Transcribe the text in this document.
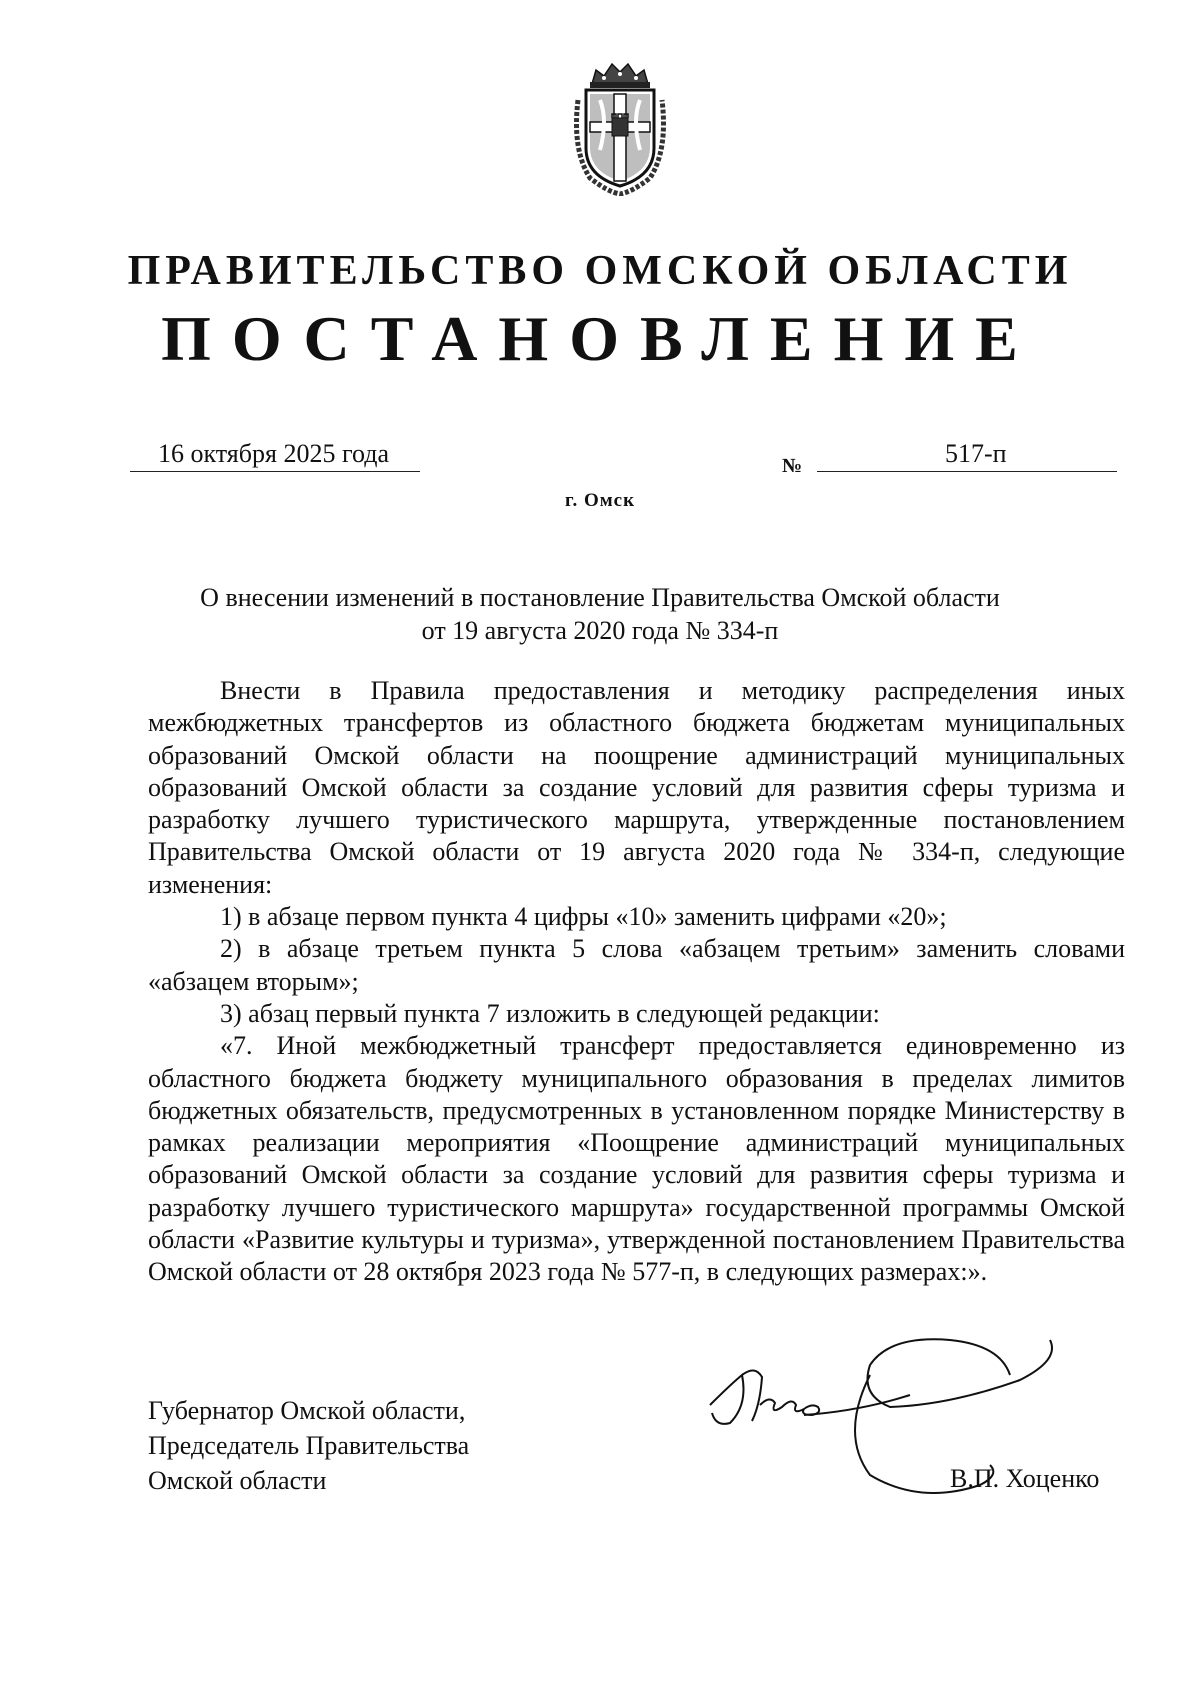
ПРАВИТЕЛЬСТВО ОМСКОЙ ОБЛАСТИ
ПОСТАНОВЛЕНИЕ
16 октября 2025 года	№	517-п
г. Омск
О внесении изменений в постановление Правительства Омской области
от 19 августа 2020 года № 334-п

Внести в Правила предоставления и методику распределения иных межбюджетных трансфертов из областного бюджета бюджетам муниципальных образований Омской области на поощрение администраций муниципальных образований Омской области за создание условий для развития сферы туризма и разработку лучшего туристического маршрута, утвержденные постановлением Правительства Омской области от 19 августа 2020 года № 334-п, следующие изменения:

1) в абзаце первом пункта 4 цифры «10» заменить цифрами «20»;

2) в абзаце третьем пункта 5 слова «абзацем третьим» заменить словами «абзацем вторым»;

3) абзац первый пункта 7 изложить в следующей редакции:

«7. Иной межбюджетный трансферт предоставляется единовременно из областного бюджета бюджету муниципального образования в пределах лимитов бюджетных обязательств, предусмотренных в установленном порядке Министерству в рамках реализации мероприятия «Поощрение администраций муниципальных образований Омской области за создание условий для развития сферы туризма и разработку лучшего туристического маршрута» государственной программы Омской области «Развитие культуры и туризма», утвержденной постановлением Правительства Омской области от 28 октября 2023 года № 577-п, в следующих размерах:».

Губернатор Омской области,
Председатель Правительства
Омской области	В.П. Хоценко
